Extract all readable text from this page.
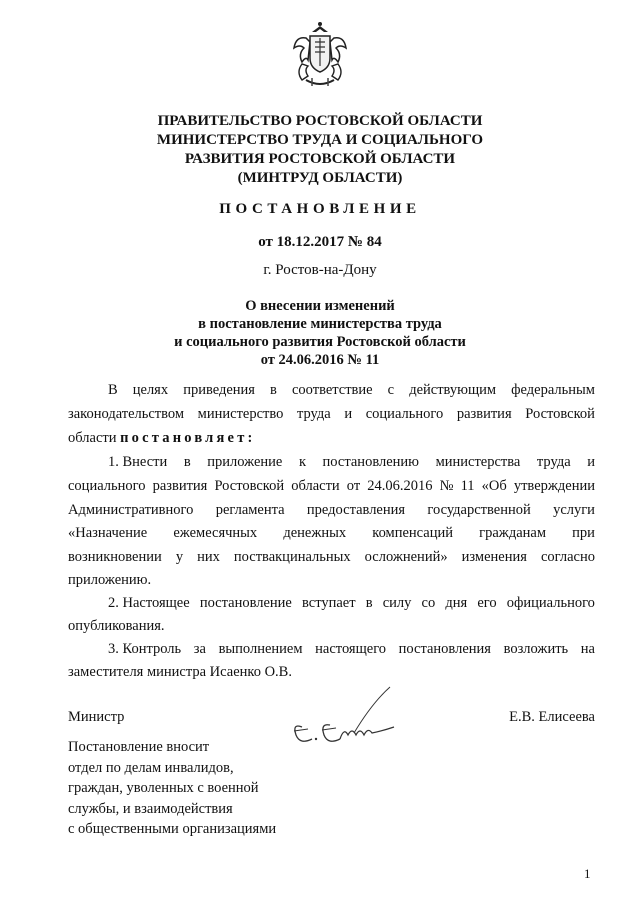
ПРАВИТЕЛЬСТВО РОСТОВСКОЙ ОБЛАСТИ
МИНИСТЕРСТВО ТРУДА И СОЦИАЛЬНОГО
РАЗВИТИЯ РОСТОВСКОЙ ОБЛАСТИ
(МИНТРУД ОБЛАСТИ)
ПОСТАНОВЛЕНИЕ
от 18.12.2017 № 84
г. Ростов-на-Дону
О внесении изменений
в постановление министерства труда
и социального развития Ростовской области
от 24.06.2016 № 11
В целях приведения в соответствие с действующим федеральным
законодательством министерство труда и социального развития Ростовской
области постановляет:
1. Внести в приложение к постановлению министерства труда и
социального развития Ростовской области от 24.06.2016 № 11 «Об утверждении
Административного регламента предоставления государственной услуги
«Назначение ежемесячных денежных компенсаций гражданам при
возникновении у них поствакцинальных осложнений» изменения согласно
приложению.
2. Настоящее постановление вступает в силу со дня его официального
опубликования.
3. Контроль за выполнением настоящего постановления возложить на
заместителя министра Исаенко О.В.
Министр	Е.В. Елисеева
Постановление вносит
отдел по делам инвалидов,
граждан, уволенных с военной
службы, и взаимодействия
с общественными организациями
1
